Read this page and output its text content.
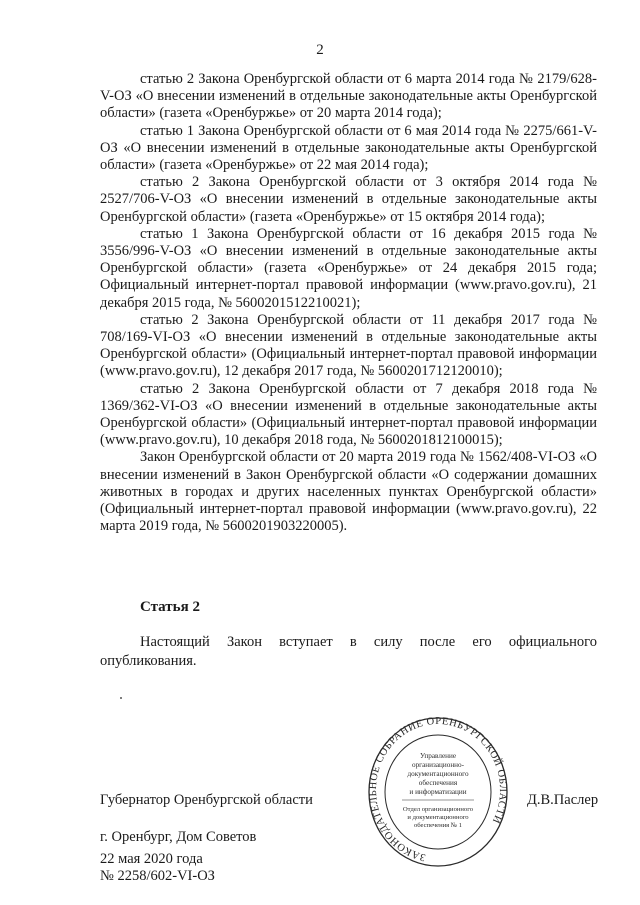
2

статью 2 Закона Оренбургской области от 6 марта 2014 года № 2179/628-V-ОЗ «О внесении изменений в отдельные законодательные акты Оренбургской области» (газета «Оренбуржье» от 20 марта 2014 года);

статью 1 Закона Оренбургской области от 6 мая 2014 года № 2275/661-V-ОЗ «О внесении изменений в отдельные законодательные акты Оренбургской области» (газета «Оренбуржье» от 22 мая 2014 года);

статью 2 Закона Оренбургской области от 3 октября 2014 года № 2527/706-V-ОЗ «О внесении изменений в отдельные законодательные акты Оренбургской области» (газета «Оренбуржье» от 15 октября 2014 года);

статью 1 Закона Оренбургской области от 16 декабря 2015 года № 3556/996-V-ОЗ «О внесении изменений в отдельные законодательные акты Оренбургской области» (газета «Оренбуржье» от 24 декабря 2015 года; Официальный интернет-портал правовой информации (www.pravo.gov.ru), 21 декабря 2015 года, № 5600201512210021);

статью 2 Закона Оренбургской области от 11 декабря 2017 года № 708/169-VI-ОЗ «О внесении изменений в отдельные законодательные акты Оренбургской области» (Официальный интернет-портал правовой информации (www.pravo.gov.ru), 12 декабря 2017 года, № 5600201712120010);

статью 2 Закона Оренбургской области от 7 декабря 2018 года № 1369/362-VI-ОЗ «О внесении изменений в отдельные законодательные акты Оренбургской области» (Официальный интернет-портал правовой информации (www.pravo.gov.ru), 10 декабря 2018 года, № 5600201812100015);

Закон Оренбургской области от 20 марта 2019 года № 1562/408-VI-ОЗ «О внесении изменений в Закон Оренбургской области «О содержании домашних животных в городах и других населенных пунктах Оренбургской области» (Официальный интернет-портал правовой информации (www.pravo.gov.ru), 22 марта 2019 года, № 5600201903220005).

Статья 2

Настоящий Закон вступает в силу после его официального опубликования.

ЗАКОНОДАТЕЛЬНОЕ СОБРАНИЕ ОРЕНБУРГСКОЙ ОБЛАСТИ
Управление
организационно-
документационного
обеспечения
и информатизации
Отдел организационного
и документационного
обеспечения № 1
Губернатор Оренбургской области	Д.В.Паслер
г. Оренбург, Дом Советов
22 мая 2020 года
№ 2258/602-VI-ОЗ
